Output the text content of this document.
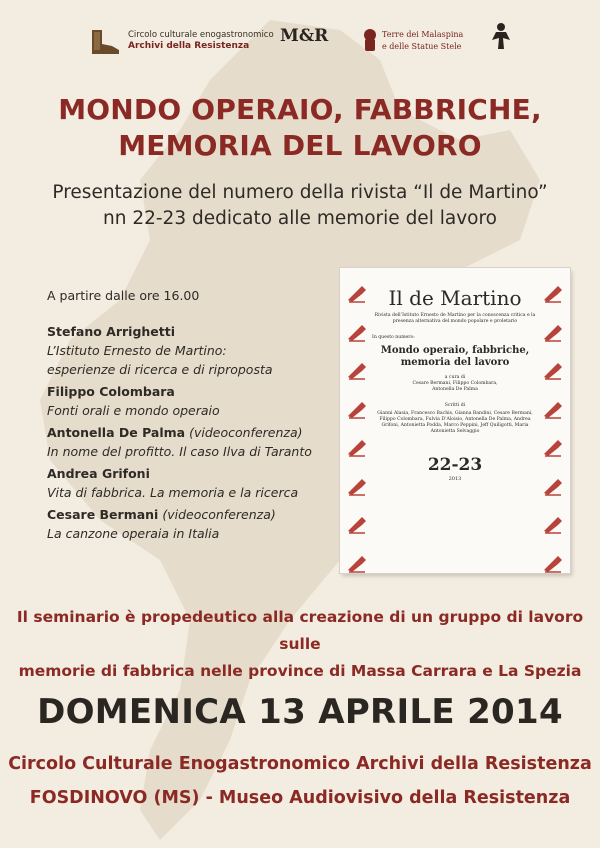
Circolo culturale enogastronomico
Archivi della Resistenza	M&R	Terre dei Malaspina e delle Statue Stele
MONDO OPERAIO, FABBRICHE,
MEMORIA DEL LAVORO
Presentazione del numero della rivista “Il de Martino”
nn 22-23 dedicato alle memorie del lavoro
A partire dalle ore 16.00
Stefano Arrighetti
L’Istituto Ernesto de Martino:
esperienze di ricerca e di riproposta
Filippo Colombara
Fonti orali e mondo operaio
Antonella De Palma (videoconferenza)
In nome del profitto. Il caso Ilva di Taranto
Andrea Grifoni
Vita di fabbrica. La memoria e la ricerca
Cesare Bermani (videoconferenza)
La canzone operaia in Italia
Il de Martino
Rivista dell’Istituto Ernesto de Martino per la conoscenza critica e la presenza alternativa del mondo popolare e proletario
In questo numero:
Mondo operaio, fabbriche,
memoria del lavoro
a cura di
Cesare Bermani, Filippo Colombara,
Antonella De Palma
Scritti di
Gianni Alasia, Francesco Bachis, Gianna Bandini, Cesare Bermani, Filippo Colombara, Fulvia D’Aloisio, Antonella De Palma, Andrea Grifoni, Antonietta Podda, Marco Peppini, Jeff Quiligotti, Maria Antonietta Selvaggio
22-23
2013
Il seminario è propedeutico alla creazione di un gruppo di lavoro sulle
memorie di fabbrica nelle province di Massa Carrara e La Spezia
DOMENICA 13 APRILE 2014
Circolo Culturale Enogastronomico Archivi della Resistenza
FOSDINOVO (MS) - Museo Audiovisivo della Resistenza
